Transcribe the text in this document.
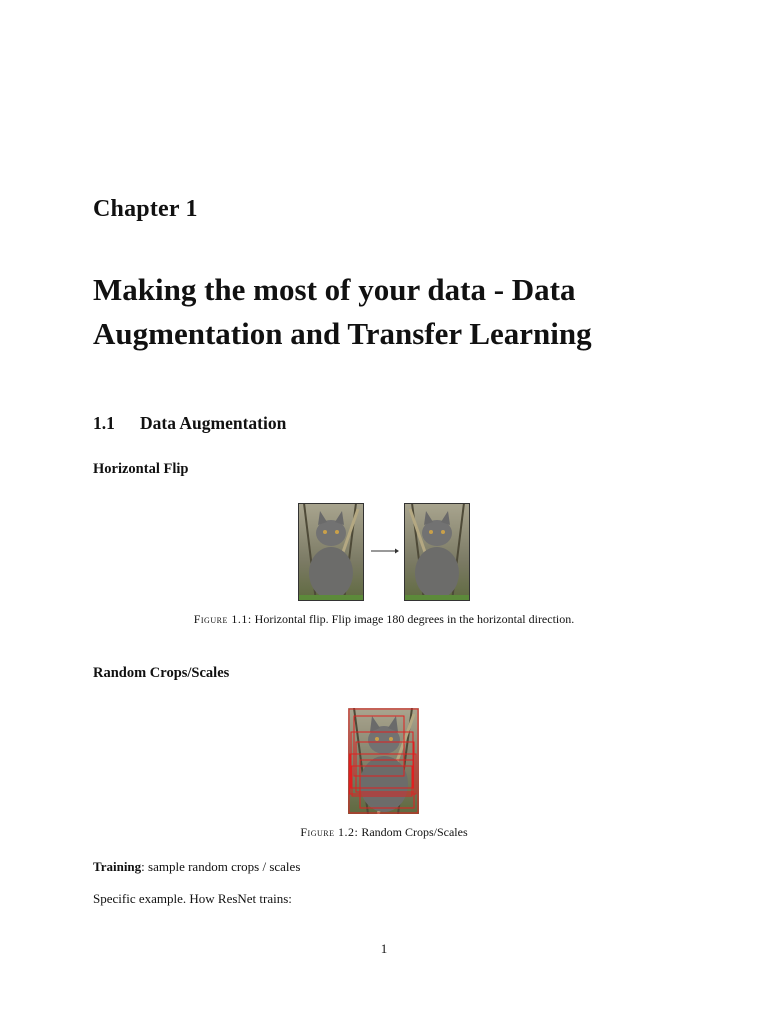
Chapter 1
Making the most of your data - Data Augmentation and Transfer Learning
1.1 Data Augmentation
Horizontal Flip

Figure 1.1: Horizontal flip. Flip image 180 degrees in the horizontal direction.

Random Crops/Scales

Figure 1.2: Random Crops/Scales

Training: sample random crops / scales

Specific example. How ResNet trains:

1
